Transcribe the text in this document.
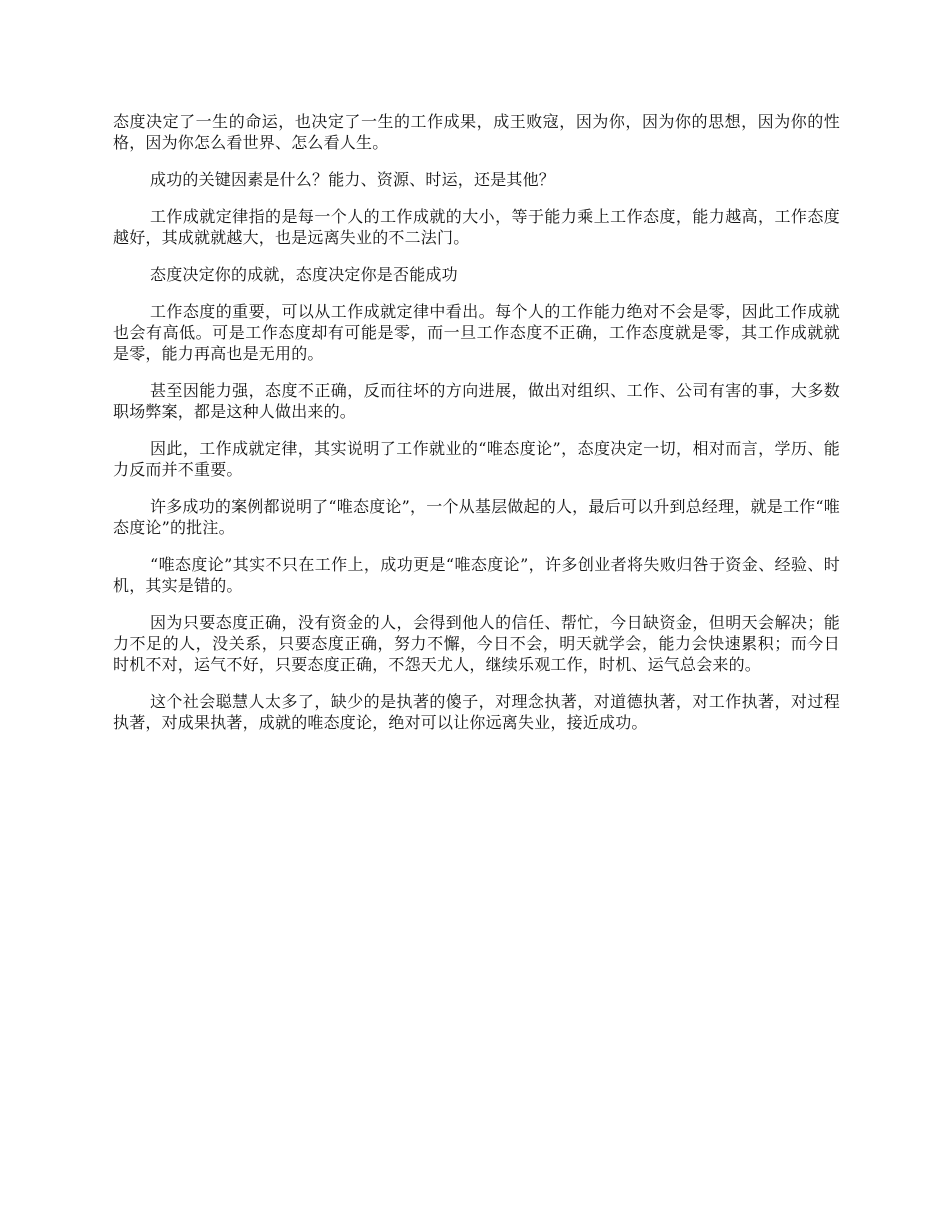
态度决定了一生的命运，也决定了一生的工作成果，成王败寇，因为你，因为你的思想，因为你的性格，因为你怎么看世界、怎么看人生。

成功的关键因素是什么？能力、资源、时运，还是其他？

工作成就定律指的是每一个人的工作成就的大小，等于能力乘上工作态度，能力越高，工作态度越好，其成就就越大，也是远离失业的不二法门。

态度决定你的成就，态度决定你是否能成功

工作态度的重要，可以从工作成就定律中看出。每个人的工作能力绝对不会是零，因此工作成就也会有高低。可是工作态度却有可能是零，而一旦工作态度不正确，工作态度就是零，其工作成就就是零，能力再高也是无用的。

甚至因能力强，态度不正确，反而往坏的方向进展，做出对组织、工作、公司有害的事，大多数职场弊案，都是这种人做出来的。

因此，工作成就定律，其实说明了工作就业的“唯态度论”，态度决定一切，相对而言，学历、能力反而并不重要。

许多成功的案例都说明了“唯态度论”，一个从基层做起的人，最后可以升到总经理，就是工作“唯态度论”的批注。

“唯态度论”其实不只在工作上，成功更是“唯态度论”，许多创业者将失败归咎于资金、经验、时机，其实是错的。

因为只要态度正确，没有资金的人，会得到他人的信任、帮忙，今日缺资金，但明天会解决；能力不足的人，没关系，只要态度正确，努力不懈，今日不会，明天就学会，能力会快速累积；而今日时机不对，运气不好，只要态度正确，不怨天尤人，继续乐观工作，时机、运气总会来的。

这个社会聪慧人太多了，缺少的是执著的傻子，对理念执著，对道德执著，对工作执著，对过程执著，对成果执著，成就的唯态度论，绝对可以让你远离失业，接近成功。
